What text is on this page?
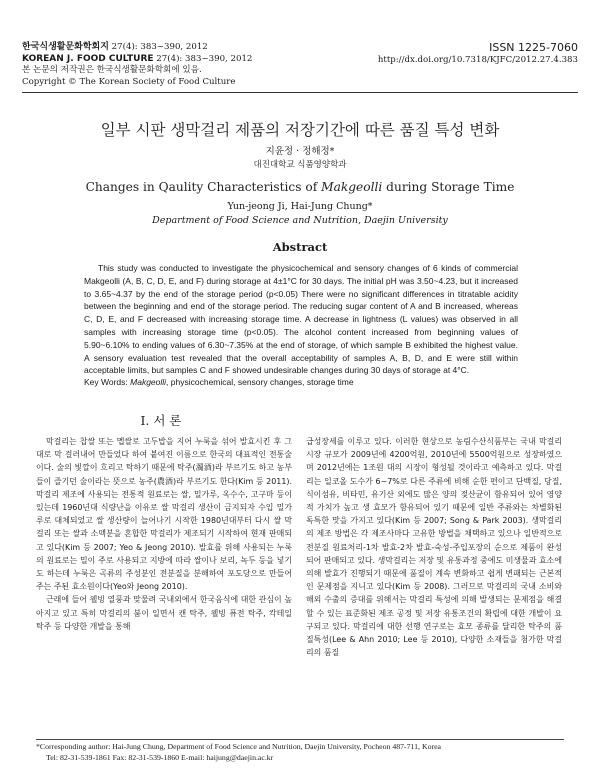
한국식생활문화학회지 27(4): 383~390, 2012
KOREAN J. FOOD CULTURE 27(4): 383~390, 2012
본 논문의 저작권은 한국식생활문화학회에 있음.
Copyright © The Korean Society of Food Culture
ISSN 1225-7060
http://dx.doi.org/10.7318/KJFC/2012.27.4.383
일부 시판 생막걸리 제품의 저장기간에 따른 품질 특성 변화
지윤정 · 정해정*
대진대학교 식품영양학과
Changes in Qaulity Characteristics of Makgeolli during Storage Time
Yun-jeong Ji, Hai-Jung Chung*
Department of Food Science and Nutrition, Daejin University
Abstract
This study was conducted to investigate the physicochemical and sensory changes of 6 kinds of commercial Makgeolli (A, B, C, D, E, and F) during storage at 4±1°C for 30 days. The initial pH was 3.50~4.23, but it increased to 3.65~4.37 by the end of the storage period (p<0.05) There were no significant differences in titratable acidity between the beginning and end of the storage period. The reducing sugar content of A and B increased, whereas C, D, E, and F decreased with increasing storage time. A decrease in lightness (L values) was observed in all samples with increasing storage time (p<0.05). The alcohol content increased from beginning values of 5.90~6.10% to ending values of 6.30~7.35% at the end of storage, of which sample B exhibited the highest value. A sensory evaluation test revealed that the overall acceptability of samples A, B, D, and E were still within acceptable limits, but samples C and F showed undesirable changes during 30 days of storage at 4°C.
Key Words: Makgeolli, physicochemical, sensory changes, storage time
I. 서 론

막걸리는 찹쌀 또는 멥쌀로 고두밥을 지어 누룩을 섞어 발효시킨 후 그대로 막 걸러내어 만들었다 하여 붙여진 이름으로 한국의 대표적인 전통술이다. 술의 빛깔이 흐리고 탁하기 때문에 탁주(濁酒)라 부르기도 하고 농부들이 즐기던 술이라는 뜻으로 농주(農酒)라 부르기도 한다(Kim 등 2011). 막걸리 제조에 사용되는 전통적 원료로는 쌀, 밀가루, 옥수수, 고구마 등이 있는데 1960년대 식량난을 이유로 쌀 막걸리 생산이 금지되자 수입 밀가루로 대체되었고 쌀 생산량이 늘어나기 시작한 1980년대부터 다시 쌀 막걸리 또는 쌀과 소맥분을 혼합한 막걸리가 제조되기 시작하여 현재 판매되고 있다(Kim 등 2007; Yeo & Jeong 2010). 발효를 위해 사용되는 누룩의 원료로는 밀이 주로 사용되고 지방에 따라 쌀이나 보리, 녹두 등을 넣기도 하는데 누룩은 곡류의 주성분인 전분질을 분해하여 포도당으로 만들어 주는 주된 효소원이다(Yeo와 Jeong 2010).

근래에 들어 웰빙 열풍과 맞물려 국내외에서 한국음식에 대한 관심이 높아지고 있고 특히 막걸리의 붐이 일면서 캔 탁주, 웰빙 퓨전 탁주, 칵테일 탁주 등 다양한 개발을 통해

급성장세를 이루고 있다. 이러한 현상으로 농림수산식품부는 국내 막걸리 시장 규모가 2009년에 4200억원, 2010년에 5500억원으로 성장하였으며 2012년에는 1조원 대의 시장이 형성될 것이라고 예측하고 있다. 막걸리는 일코올 도수가 6~7%로 다른 주류에 비해 순한 편이고 단백질, 당질, 식이섬유, 비타민, 유기산 외에도 많은 양의 젖산균이 함유되어 있어 영양적 가치가 높고 생 효모가 함유되어 있기 때문에 일반 주류와는 차별화된 독특한 맛을 가지고 있다(Kim 등 2007; Song & Park 2003). 생막걸리의 제조 방법은 각 제조사마다 고유한 방법을 채택하고 있으나 일반적으로 전분질 원료처리-1차 발효-2차 발효-숙성-주입포장의 순으로 제품이 완성되어 판매되고 있다. 생막걸리는 저장 및 유통과정 중에도 미생물과 효소에 의해 발효가 진행되기 때문에 품질이 계속 변화하고 쉽게 변패되는 근본적인 문제점을 지니고 있다(Kim 등 2008). 그러므로 막걸리의 국내 소비와 해외 수출의 증대를 위해서는 막걸리 특성에 의해 발생되는 문제점을 해결할 수 있는 표준화된 제조 공정 및 저장 유통조건의 확립에 대한 개발이 요구되고 있다. 막걸리에 대한 선행 연구로는 효모 종류를 달리한 탁주의 품질특성(Lee & Ahn 2010; Lee 등 2010), 다양한 소재들을 첨가한 막걸리의 품질

*Corresponding author: Hai-Jung Chung, Department of Food Science and Nutrition, Daejin University, Pocheon 487-711, Korea
Tel: 82-31-539-1861 Fax: 82-31-539-1860 E-mail: haijung@daejin.ac.kr
